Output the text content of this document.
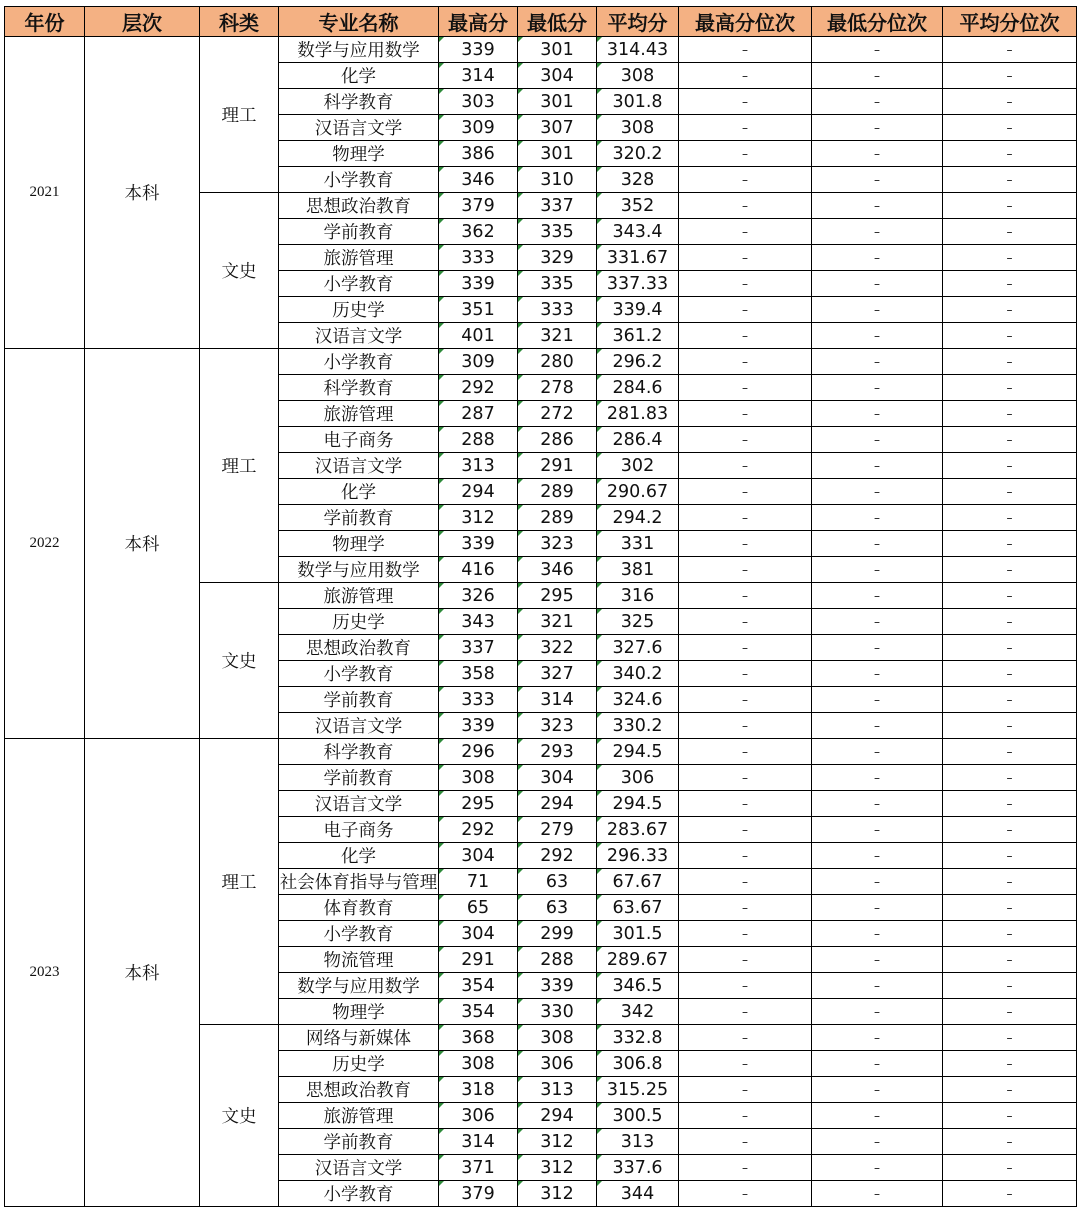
年份	层次	科类	专业名称	最高分	最低分	平均分	最高分位次	最低分位次	平均分位次
2021	本科	理工	数学与应用数学	339	301	314.43	–	–	–
			化学	314	304	308	–	–	–
			科学教育	303	301	301.8	–	–	–
			汉语言文学	309	307	308	–	–	–
			物理学	386	301	320.2	–	–	–
			小学教育	346	310	328	–	–	–
		文史	思想政治教育	379	337	352	–	–	–
			学前教育	362	335	343.4	–	–	–
			旅游管理	333	329	331.67	–	–	–
			小学教育	339	335	337.33	–	–	–
			历史学	351	333	339.4	–	–	–
			汉语言文学	401	321	361.2	–	–	–
2022	本科	理工	小学教育	309	280	296.2	–	–	–
			科学教育	292	278	284.6	–	–	–
			旅游管理	287	272	281.83	–	–	–
			电子商务	288	286	286.4	–	–	–
			汉语言文学	313	291	302	–	–	–
			化学	294	289	290.67	–	–	–
			学前教育	312	289	294.2	–	–	–
			物理学	339	323	331	–	–	–
			数学与应用数学	416	346	381	–	–	–
		文史	旅游管理	326	295	316	–	–	–
			历史学	343	321	325	–	–	–
			思想政治教育	337	322	327.6	–	–	–
			小学教育	358	327	340.2	–	–	–
			学前教育	333	314	324.6	–	–	–
			汉语言文学	339	323	330.2	–	–	–
2023	本科	理工	科学教育	296	293	294.5	–	–	–
			学前教育	308	304	306	–	–	–
			汉语言文学	295	294	294.5	–	–	–
			电子商务	292	279	283.67	–	–	–
			化学	304	292	296.33	–	–	–
			社会体育指导与管理	71	63	67.67	–	–	–
			体育教育	65	63	63.67	–	–	–
			小学教育	304	299	301.5	–	–	–
			物流管理	291	288	289.67	–	–	–
			数学与应用数学	354	339	346.5	–	–	–
			物理学	354	330	342	–	–	–
		文史	网络与新媒体	368	308	332.8	–	–	–
			历史学	308	306	306.8	–	–	–
			思想政治教育	318	313	315.25	–	–	–
			旅游管理	306	294	300.5	–	–	–
			学前教育	314	312	313	–	–	–
			汉语言文学	371	312	337.6	–	–	–
			小学教育	379	312	344	–	–	–
